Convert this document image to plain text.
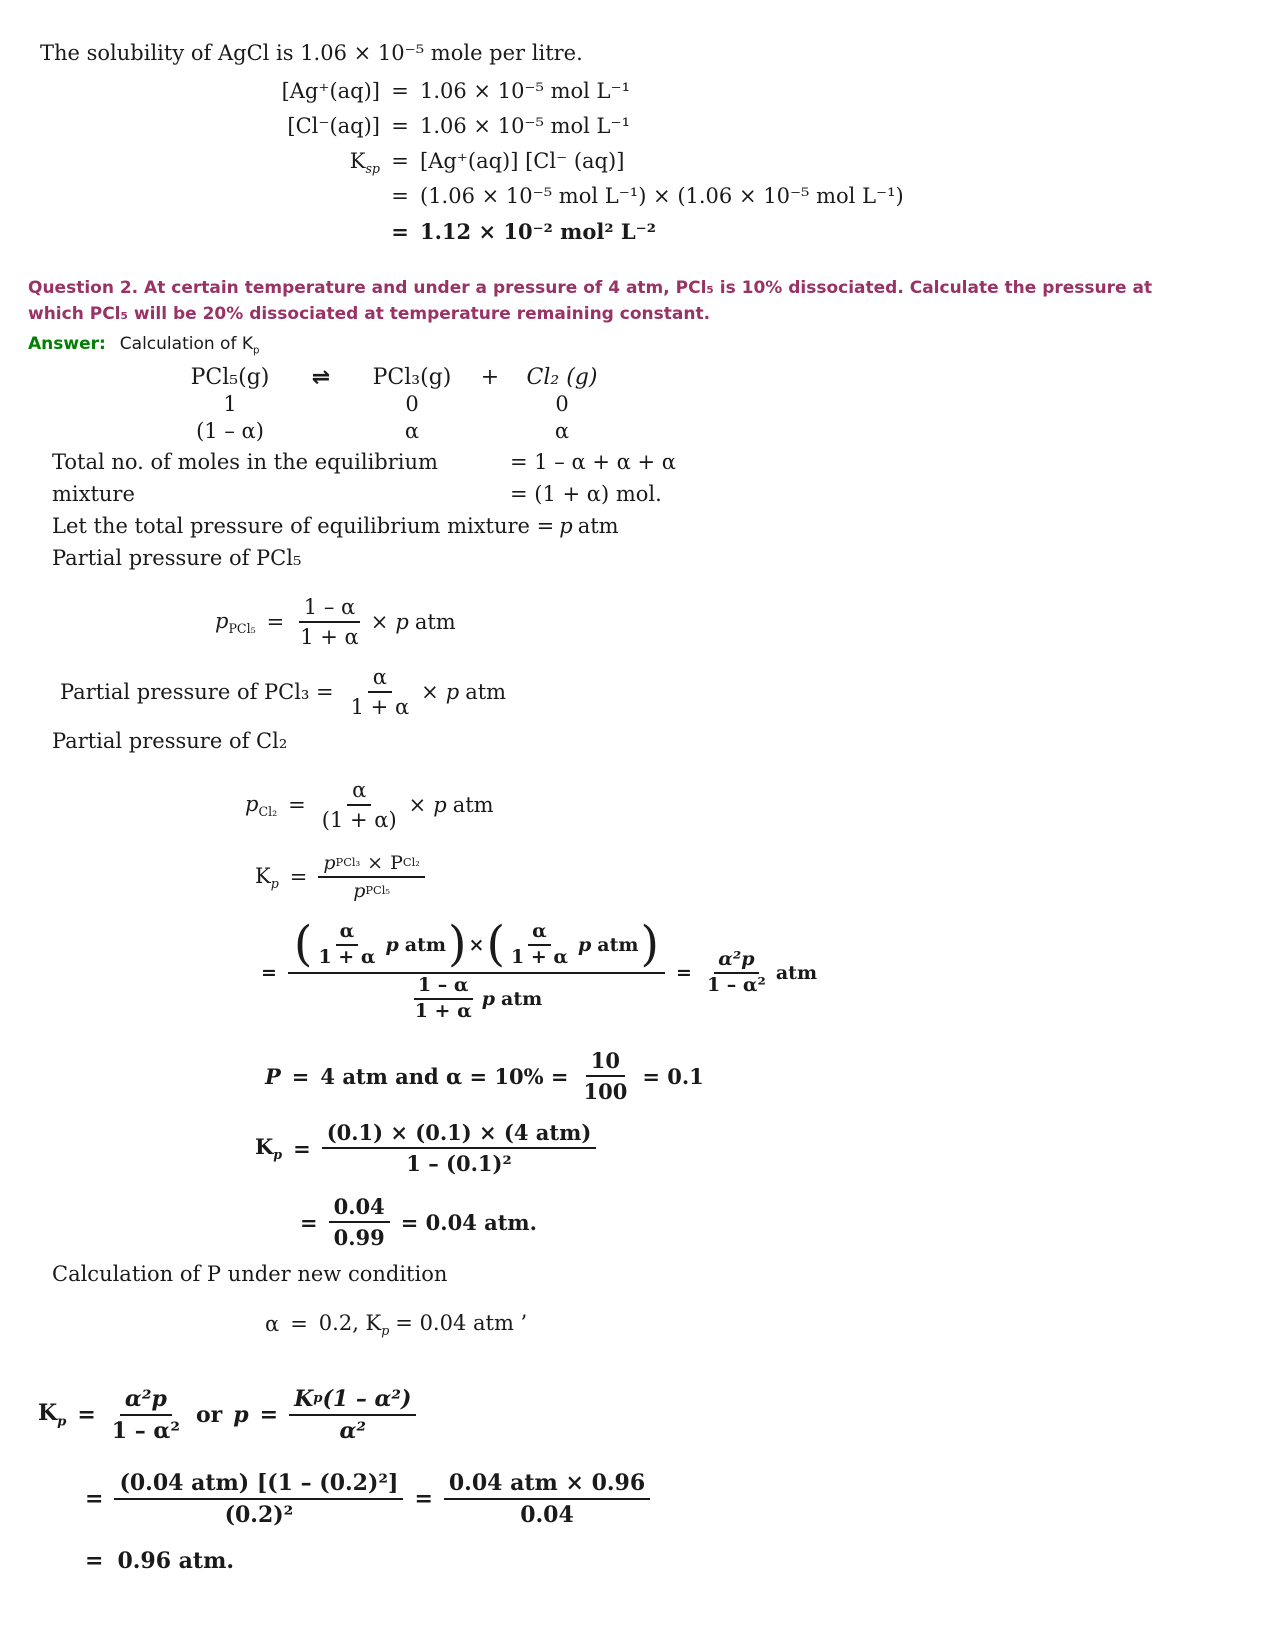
The solubility of AgCl is 1.06 × 10⁻⁵ mole per litre.

[Ag⁺(aq)] = 1.06 × 10⁻⁵ mol L⁻¹
[Cl⁻(aq)] = 1.06 × 10⁻⁵ mol L⁻¹
$K_{sp} = [Ag^+(aq)]$ [Cl⁻ (aq)]
= (1.06 × 10⁻⁵ mol L⁻¹) × (1.06 × 10⁻⁵ mol L⁻¹)
= 1.12 × 10⁻² mol² L⁻²

Question 2. At certain temperature and under a pressure of 4 atm, PCl₅ is 10% dissociated. Calculate the pressure at which PCl₅ will be 20% dissociated at temperature remaining constant.

Answer: Calculation of $K_p$
PCl₅(g)	⇌	PCl₃(g)	+	Cl₂ (g)
1	0	0
(1 – α)	α	α
Total no. of moles in the equilibrium mixture
= 1 – α + α + α
= (1 + α) mol.
Let the total pressure of equilibrium mixture = p atm

Partial pressure of PCl₅

$p_{PCl_5} = \frac{1 - \alpha}{1 + \alpha} \times p$ atm
Partial pressure of $PCl_3 = \frac{\alpha}{1 + \alpha} \times p$ atm

Partial pressure of Cl₂

$p_{Cl_2} = \frac{\alpha}{(1 + \alpha)} \times p$ atm
$K_p = \frac{\text{p PCl₃ × P Cl₂}}{\text{p PCl₅}}$
=
( $\frac{\alpha}{1 + \alpha}$ p atm ) × ( $\frac{\alpha}{1 + \alpha}$ p atm )
$\frac{1 - \alpha}{1 + \alpha}$ p atm
= $\frac{\text{α²p}}{\text{1 – α²}}$ atm
P = 4 atm and $\alpha = 10\% = \frac{10}{100} = 0.1$
$K_p = \frac{\text{(0.1) × (0.1) × (4 atm)}}{\text{1 – (0.1)²}}$
= $\frac{0.04}{0.99} = 0.04$ atm.

Calculation of P under new condition

α = 0.2, $K_p = 0.04$ atm ’
$K_p = \frac{\text{α²p}}{\text{1 – α²}}$ or $p = \frac{\text{K p (1 – α²)}}{\text{α²}}$
= $\frac{\text{(0.04 atm) [(1 – (0.2)²]}}{\text{(0.2)²}} = \frac{\text{0.04 atm × 0.96}}{0.04}$
= 0.96 atm.
